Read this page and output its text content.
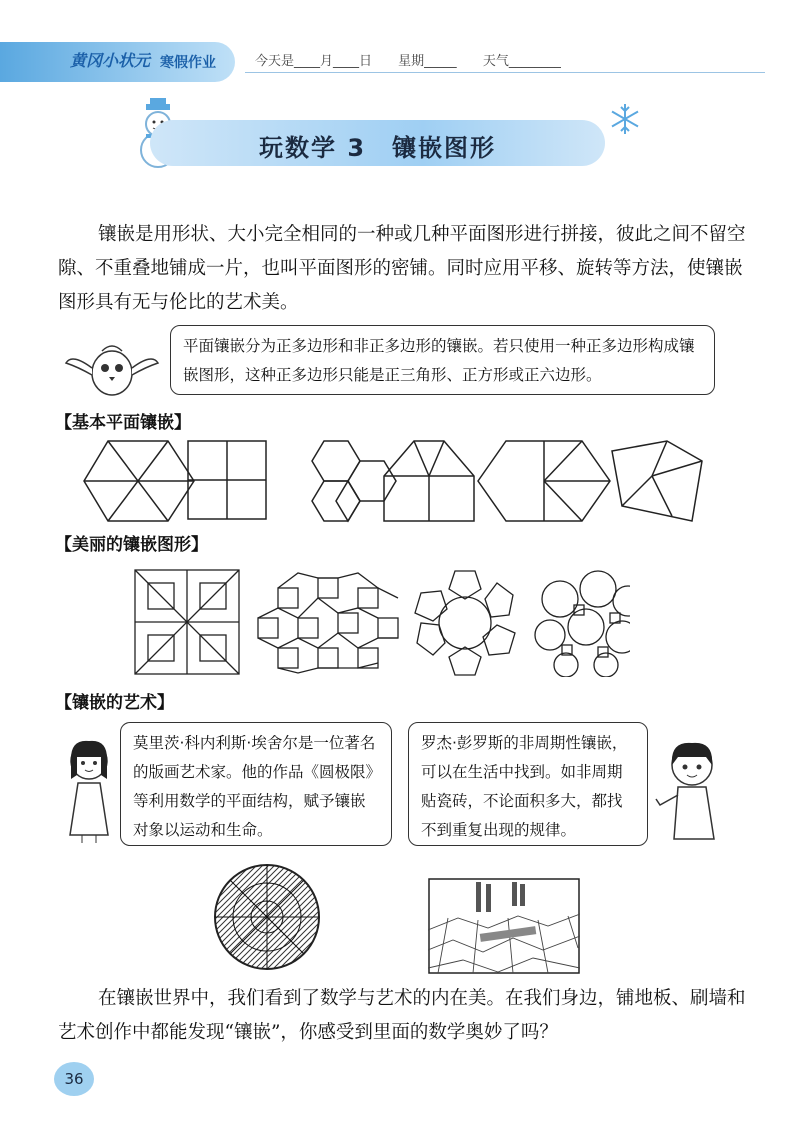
黄冈小状元 寒假作业	今天是____月____日 星期_____ 天气________
玩数学 3　镶嵌图形
镶嵌是用形状、大小完全相同的一种或几种平面图形进行拼接，彼此之间不留空隙、不重叠地铺成一片，也叫平面图形的密铺。同时应用平移、旋转等方法，使镶嵌图形具有无与伦比的艺术美。
平面镶嵌分为正多边形和非正多边形的镶嵌。若只使用一种正多边形构成镶嵌图形，这种正多边形只能是正三角形、正方形或正六边形。
【基本平面镶嵌】
【美丽的镶嵌图形】
【镶嵌的艺术】
莫里茨·科内利斯·埃舍尔是一位著名的版画艺术家。他的作品《圆极限》等利用数学的平面结构，赋予镶嵌对象以运动和生命。
罗杰·彭罗斯的非周期性镶嵌，可以在生活中找到。如非周期贴瓷砖，不论面积多大，都找不到重复出现的规律。
在镶嵌世界中，我们看到了数学与艺术的内在美。在我们身边，铺地板、刷墙和艺术创作中都能发现“镶嵌”，你感受到里面的数学奥妙了吗？
36
